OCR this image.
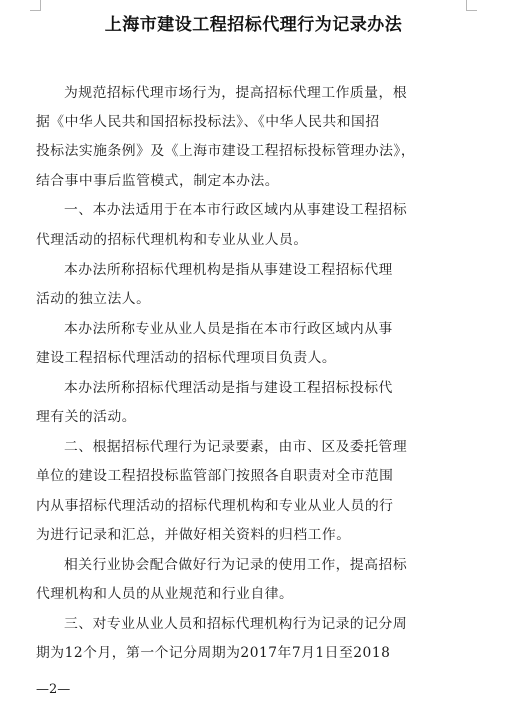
上海市建设工程招标代理行为记录办法
为规范招标代理市场行为，提高招标代理工作质量，根
据《中华人民共和国招标投标法》、《中华人民共和国招
投标法实施条例》及《上海市建设工程招标投标管理办法》，
结合事中事后监管模式，制定本办法。
一、本办法适用于在本市行政区域内从事建设工程招标
代理活动的招标代理机构和专业从业人员。
本办法所称招标代理机构是指从事建设工程招标代理
活动的独立法人。
本办法所称专业从业人员是指在本市行政区域内从事
建设工程招标代理活动的招标代理项目负责人。
本办法所称招标代理活动是指与建设工程招标投标代
理有关的活动。
二、根据招标代理行为记录要素，由市、区及委托管理
单位的建设工程招投标监管部门按照各自职责对全市范围
内从事招标代理活动的招标代理机构和专业从业人员的行
为进行记录和汇总，并做好相关资料的归档工作。
相关行业协会配合做好行为记录的使用工作，提高招标
代理机构和人员的从业规范和行业自律。
三、对专业从业人员和招标代理机构行为记录的记分周
期为12个月，第一个记分周期为2017年7月1日至2018
—2—
